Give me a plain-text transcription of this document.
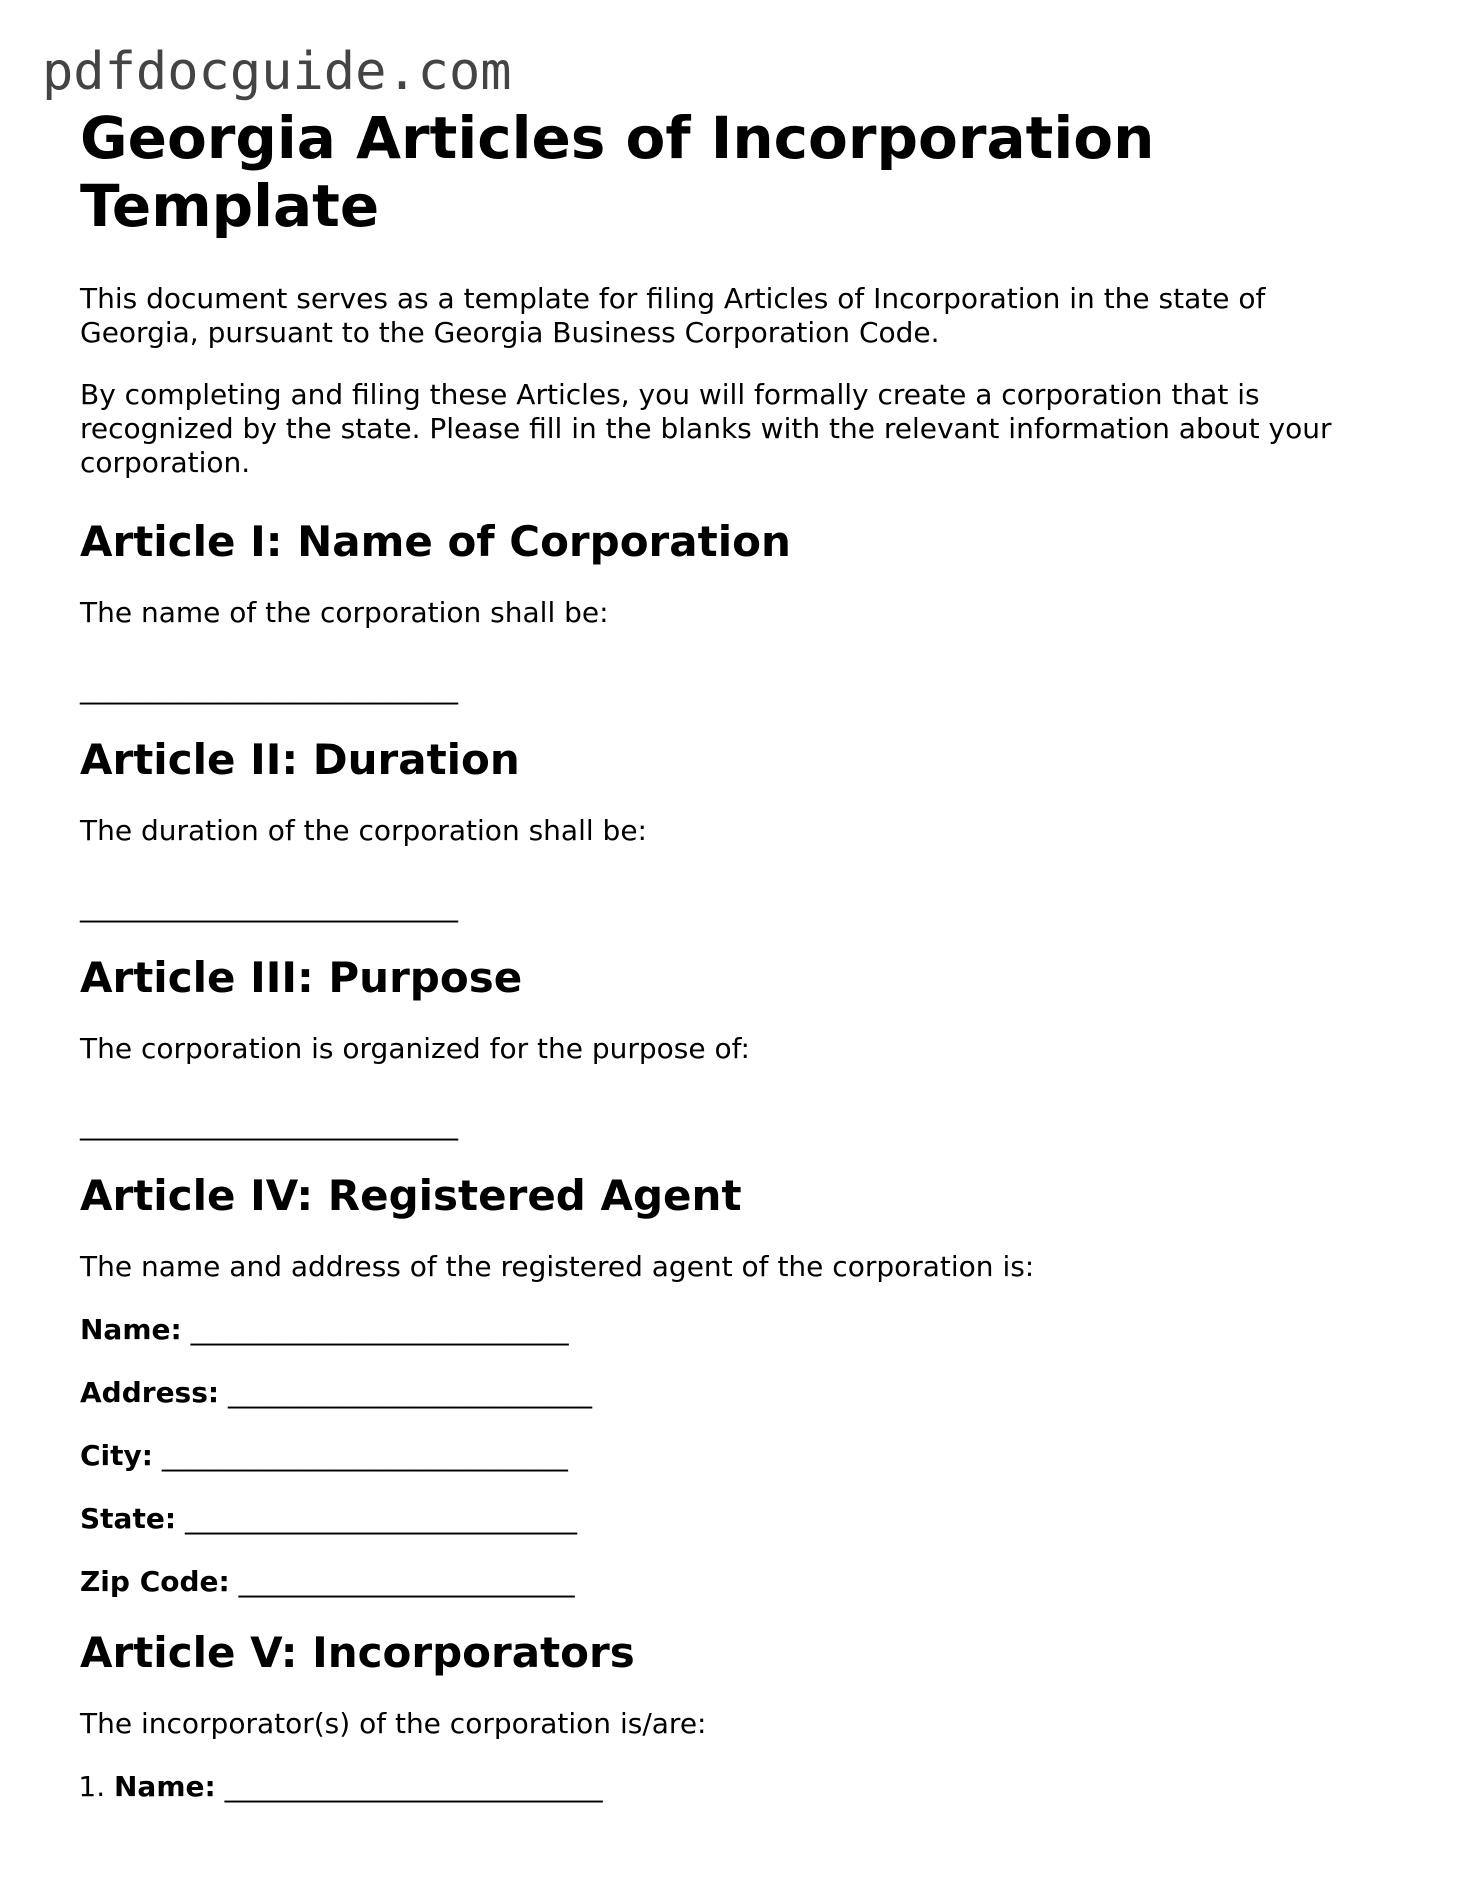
pdfdocguide.com
Georgia Articles of Incorporation Template

This document serves as a template for filing Articles of Incorporation in the state of Georgia, pursuant to the Georgia Business Corporation Code.

By completing and filing these Articles, you will formally create a corporation that is recognized by the state. Please fill in the blanks with the relevant information about your corporation.

Article I: Name of Corporation

The name of the corporation shall be:

___________________________
Article II: Duration

The duration of the corporation shall be:

___________________________
Article III: Purpose

The corporation is organized for the purpose of:

___________________________
Article IV: Registered Agent

The name and address of the registered agent of the corporation is:

Name: ___________________________
Address: __________________________
City: _____________________________
State: ____________________________
Zip Code: ________________________
Article V: Incorporators

The incorporator(s) of the corporation is/are:

1. Name: ___________________________
